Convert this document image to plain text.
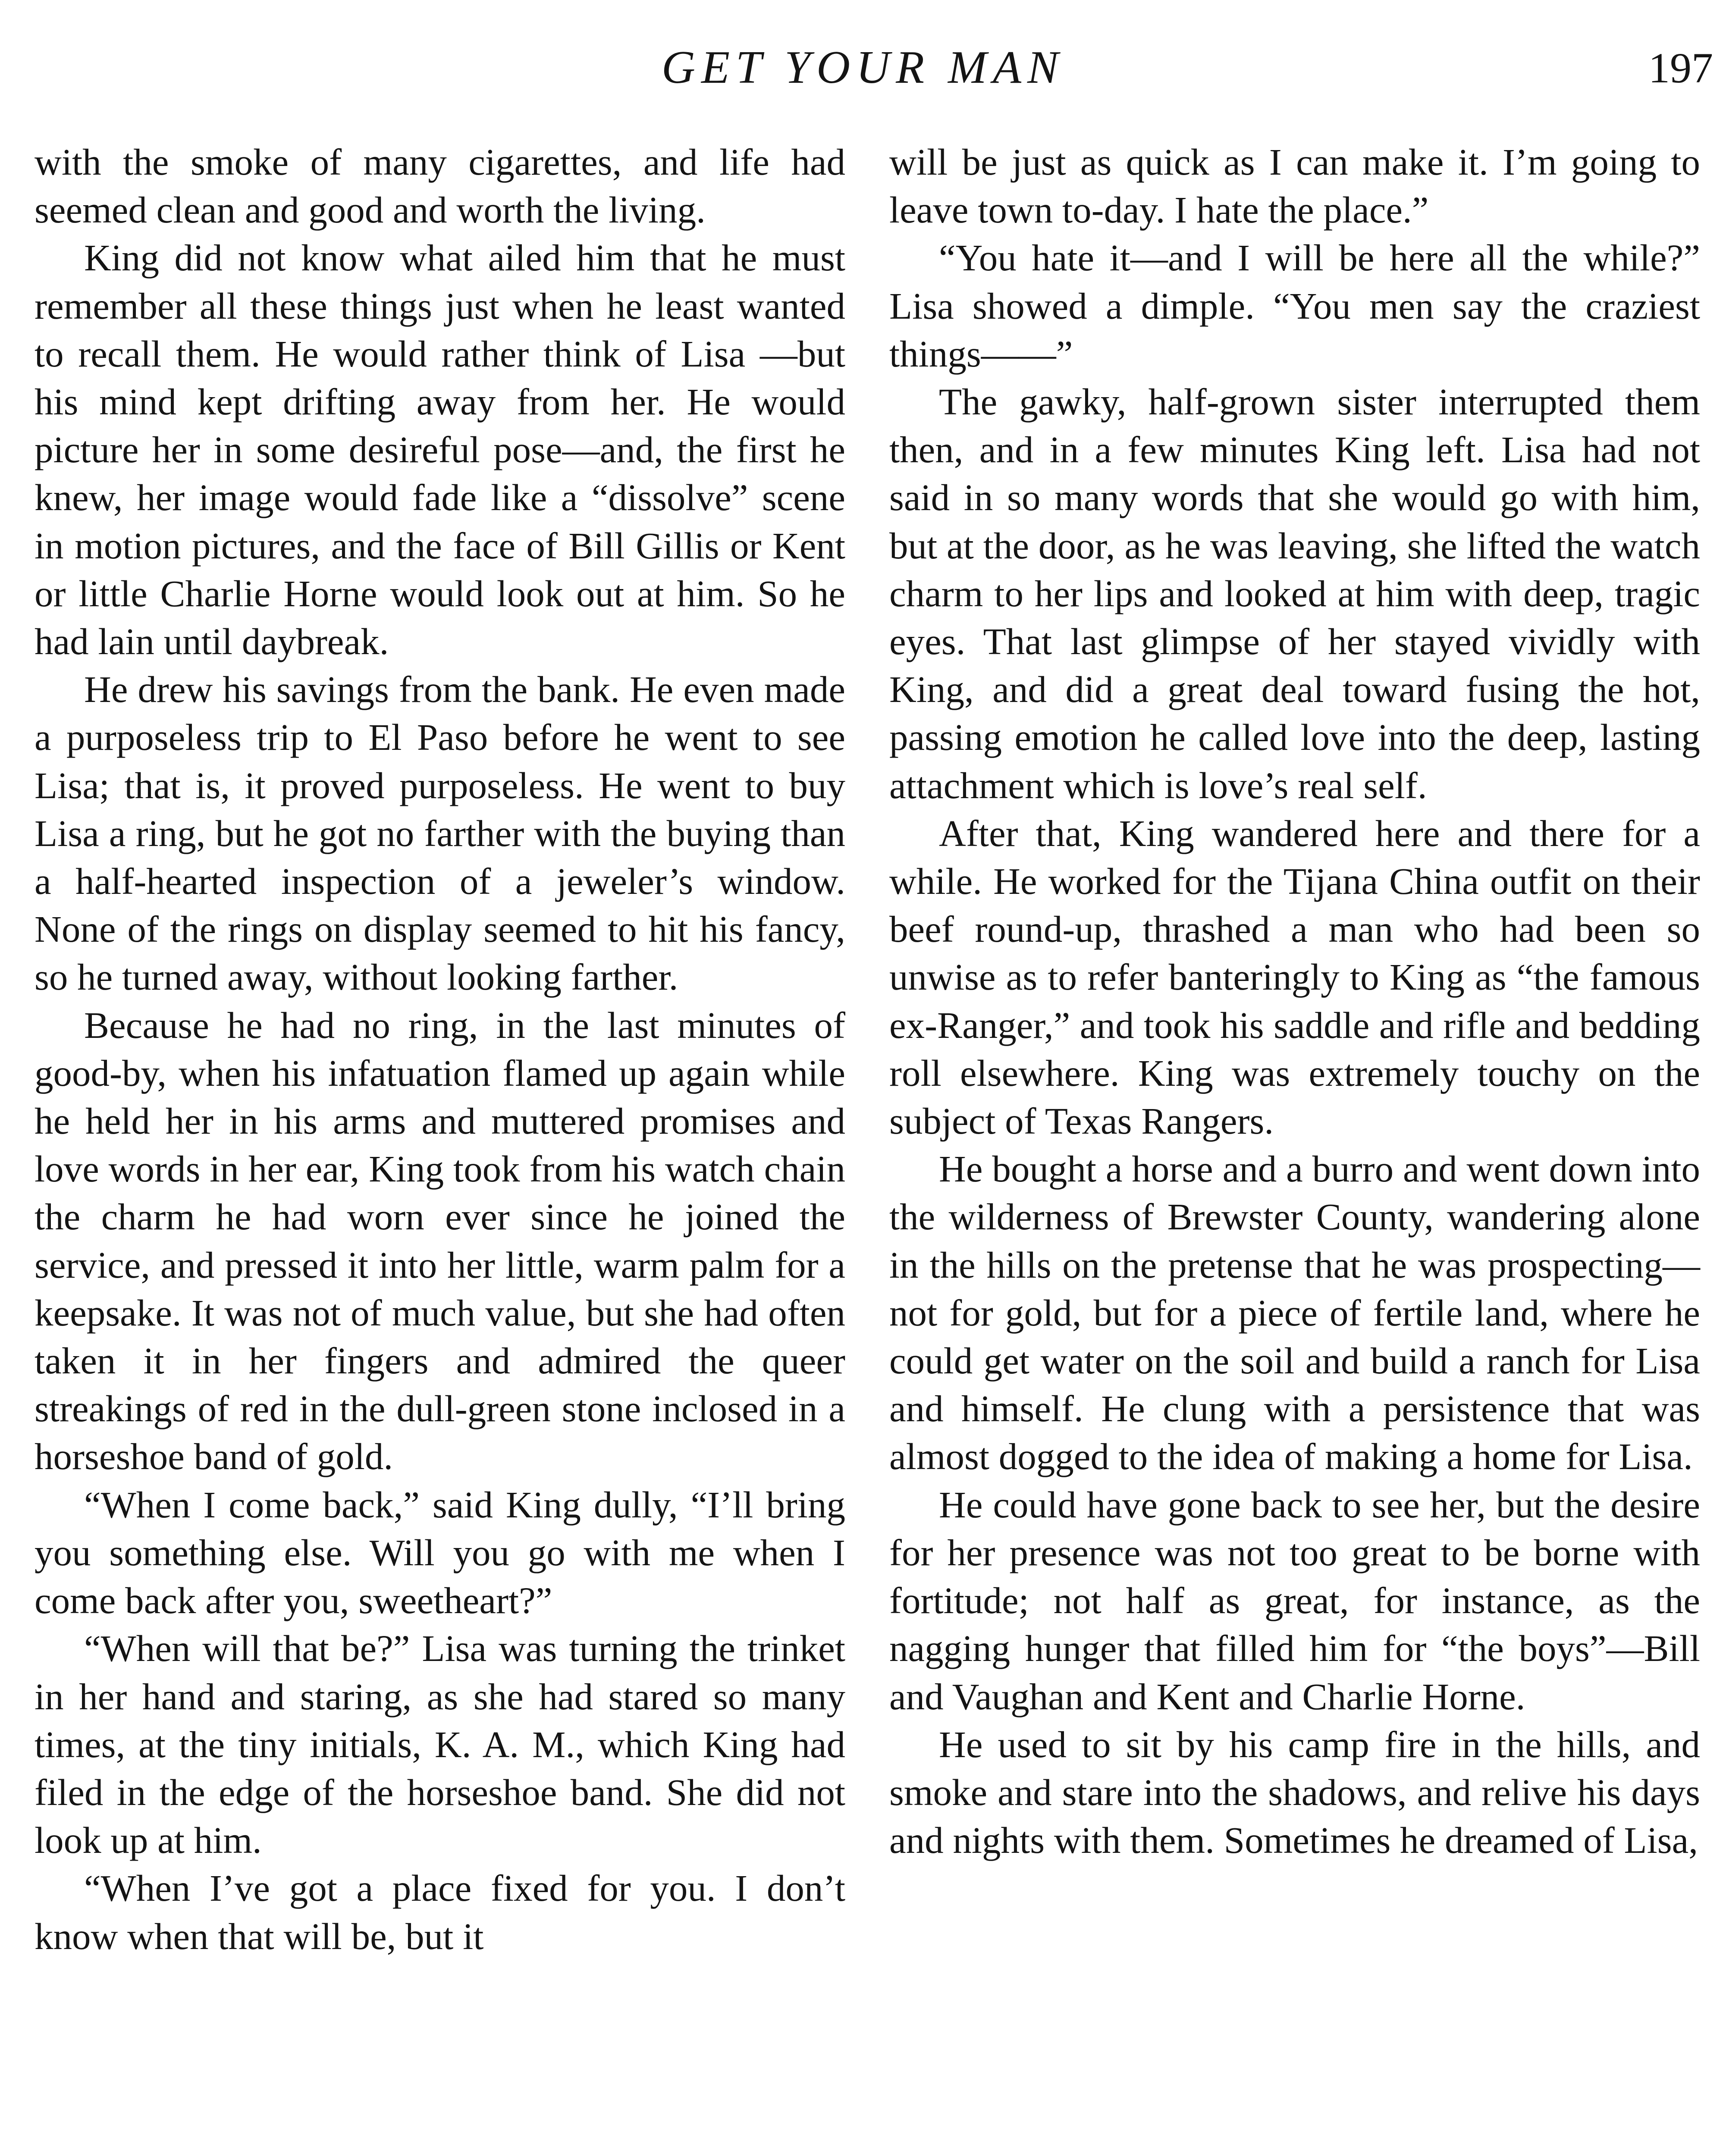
GET YOUR MAN	197

with the smoke of many cigarettes, and life had seemed clean and good and worth the living.

King did not know what ailed him that he must remember all these things just when he least wanted to recall them. He would rather think of Lisa —but his mind kept drifting away from her. He would picture her in some desireful pose—and, the first he knew, her image would fade like a “dissolve” scene in motion pictures, and the face of Bill Gillis or Kent or little Charlie Horne would look out at him. So he had lain until daybreak.

He drew his savings from the bank. He even made a purposeless trip to El Paso before he went to see Lisa; that is, it proved purposeless. He went to buy Lisa a ring, but he got no farther with the buying than a half-hearted inspection of a jeweler’s window. None of the rings on display seemed to hit his fancy, so he turned away, without looking farther.

Because he had no ring, in the last minutes of good-by, when his infatuation flamed up again while he held her in his arms and muttered promises and love words in her ear, King took from his watch chain the charm he had worn ever since he joined the service, and pressed it into her little, warm palm for a keepsake. It was not of much value, but she had often taken it in her fingers and admired the queer streakings of red in the dull-green stone inclosed in a horseshoe band of gold.

“When I come back,” said King dully, “I’ll bring you something else. Will you go with me when I come back after you, sweetheart?”

“When will that be?” Lisa was turning the trinket in her hand and staring, as she had stared so many times, at the tiny initials, K. A. M., which King had filed in the edge of the horseshoe band. She did not look up at him.

“When I’ve got a place fixed for you. I don’t know when that will be, but it

will be just as quick as I can make it. I’m going to leave town to-day. I hate the place.”

“You hate it—and I will be here all the while?” Lisa showed a dimple. “You men say the craziest things——”

The gawky, half-grown sister interrupted them then, and in a few minutes King left. Lisa had not said in so many words that she would go with him, but at the door, as he was leaving, she lifted the watch charm to her lips and looked at him with deep, tragic eyes. That last glimpse of her stayed vividly with King, and did a great deal toward fusing the hot, passing emotion he called love into the deep, lasting attachment which is love’s real self.

After that, King wandered here and there for a while. He worked for the Tijana China outfit on their beef round-up, thrashed a man who had been so unwise as to refer banteringly to King as “the famous ex-Ranger,” and took his saddle and rifle and bedding roll elsewhere. King was extremely touchy on the subject of Texas Rangers.

He bought a horse and a burro and went down into the wilderness of Brewster County, wandering alone in the hills on the pretense that he was prospecting—not for gold, but for a piece of fertile land, where he could get water on the soil and build a ranch for Lisa and himself. He clung with a persistence that was almost dogged to the idea of making a home for Lisa.

He could have gone back to see her, but the desire for her presence was not too great to be borne with fortitude; not half as great, for instance, as the nagging hunger that filled him for “the boys”—Bill and Vaughan and Kent and Charlie Horne.

He used to sit by his camp fire in the hills, and smoke and stare into the shadows, and relive his days and nights with them. Sometimes he dreamed of Lisa,
